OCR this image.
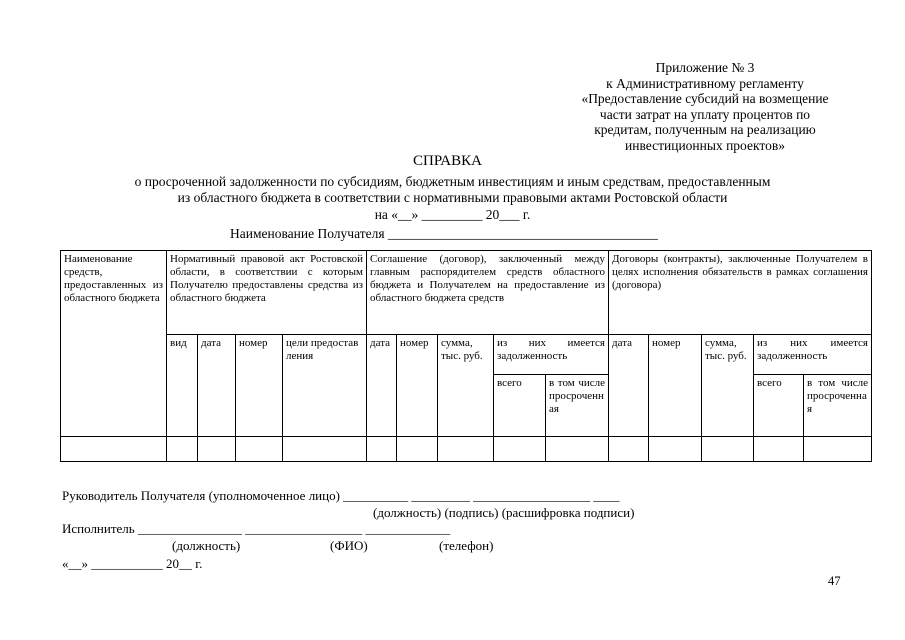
Приложение № 3
к Административному регламенту
«Предоставление субсидий на возмещение
части затрат на уплату процентов по
кредитам, полученным на реализацию
инвестиционных проектов»
СПРАВКА
о просроченной задолженности по субсидиям, бюджетным инвестициям и иным средствам, предоставленным
из областного бюджета в соответствии с нормативными правовыми актами Ростовской области
на «__» _________ 20___ г.
Наименование Получателя ________________________________________
Наименование средств, предоставленных из областного бюджета	Нормативный правовой акт Ростовской области, в соответствии с которым Получателю предоставлены средства из областного бюджета				Соглашение (договор), заключенный между главным распорядителем средств областного бюджета и Получателем на предоставление из областного бюджета средств					Договоры (контракты), заключенные Получателем в целях исполнения обязательств в рамках соглашения (договора)				
	вид	дата	номер	цели предоставления	дата	номер	сумма, тыс. руб.	из них имеется задолженность		дата	номер	сумма, тыс. руб.	из них имеется задолженность	
								всего	в том числе просроченная				всего	в том числе просроченная

Руководитель Получателя (уполномоченное лицо) __________ _________ __________________ ____
(должность) (подпись) (расшифровка подписи)
Исполнитель ________________ __________________ _____________
(должность)	(ФИО)	(телефон)
«__» ___________ 20__ г.
47
